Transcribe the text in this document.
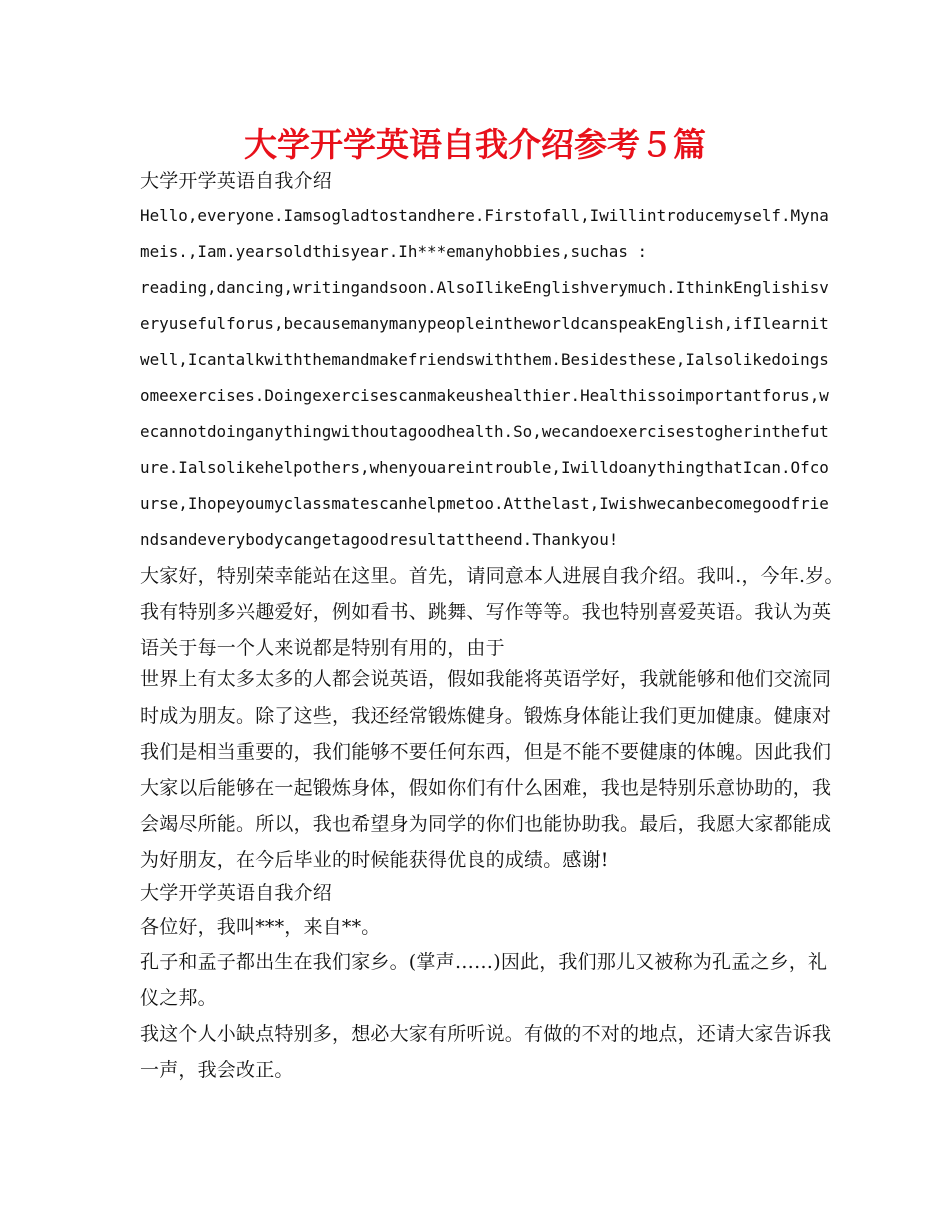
大学开学英语自我介绍参考５篇

大学开学英语自我介绍

Hello,everyone.Iamsogladtostandhere.Firstofall,Iwillintroducemyself.Myna

meis.,Iam.yearsoldthisyear.Ih***emanyhobbies,suchas :

reading,dancing,writingandsoon.AlsoIlikeEnglishverymuch.IthinkEnglishisv

eryusefulforus,becausemanymanypeopleintheworldcanspeakEnglish,ifIlearnit

well,Icantalkwiththemandmakefriendswiththem.Besidesthese,Ialsolikedoings

omeexercises.Doingexercisescanmakeushealthier.Healthissoimportantforus,w

ecannotdoinganythingwithoutagoodhealth.So,wecandoexercisestogherinthefut

ure.Ialsolikehelpothers,whenyouareintrouble,IwilldoanythingthatIcan.Ofco

urse,Ihopeyoumyclassmatescanhelpmetoo.Atthelast,Iwishwecanbecomegoodfrie

ndsandeverybodycangetagoodresultattheend.Thankyou!

大家好，特别荣幸能站在这里。首先，请同意本人进展自我介绍。我叫.，今年.岁。

我有特别多兴趣爱好，例如看书、跳舞、写作等等。我也特别喜爱英语。我认为英

语关于每一个人来说都是特别有用的，由于

世界上有太多太多的人都会说英语，假如我能将英语学好，我就能够和他们交流同

时成为朋友。除了这些，我还经常锻炼健身。锻炼身体能让我们更加健康。健康对

我们是相当重要的，我们能够不要任何东西，但是不能不要健康的体魄。因此我们

大家以后能够在一起锻炼身体，假如你们有什么困难，我也是特别乐意协助的，我

会竭尽所能。所以，我也希望身为同学的你们也能协助我。最后，我愿大家都能成

为好朋友，在今后毕业的时候能获得优良的成绩。感谢!

大学开学英语自我介绍

各位好，我叫***，来自**。

孔子和孟子都出生在我们家乡。(掌声……)因此，我们那儿又被称为孔孟之乡，礼

仪之邦。

我这个人小缺点特别多，想必大家有所听说。有做的不对的地点，还请大家告诉我

一声，我会改正。
